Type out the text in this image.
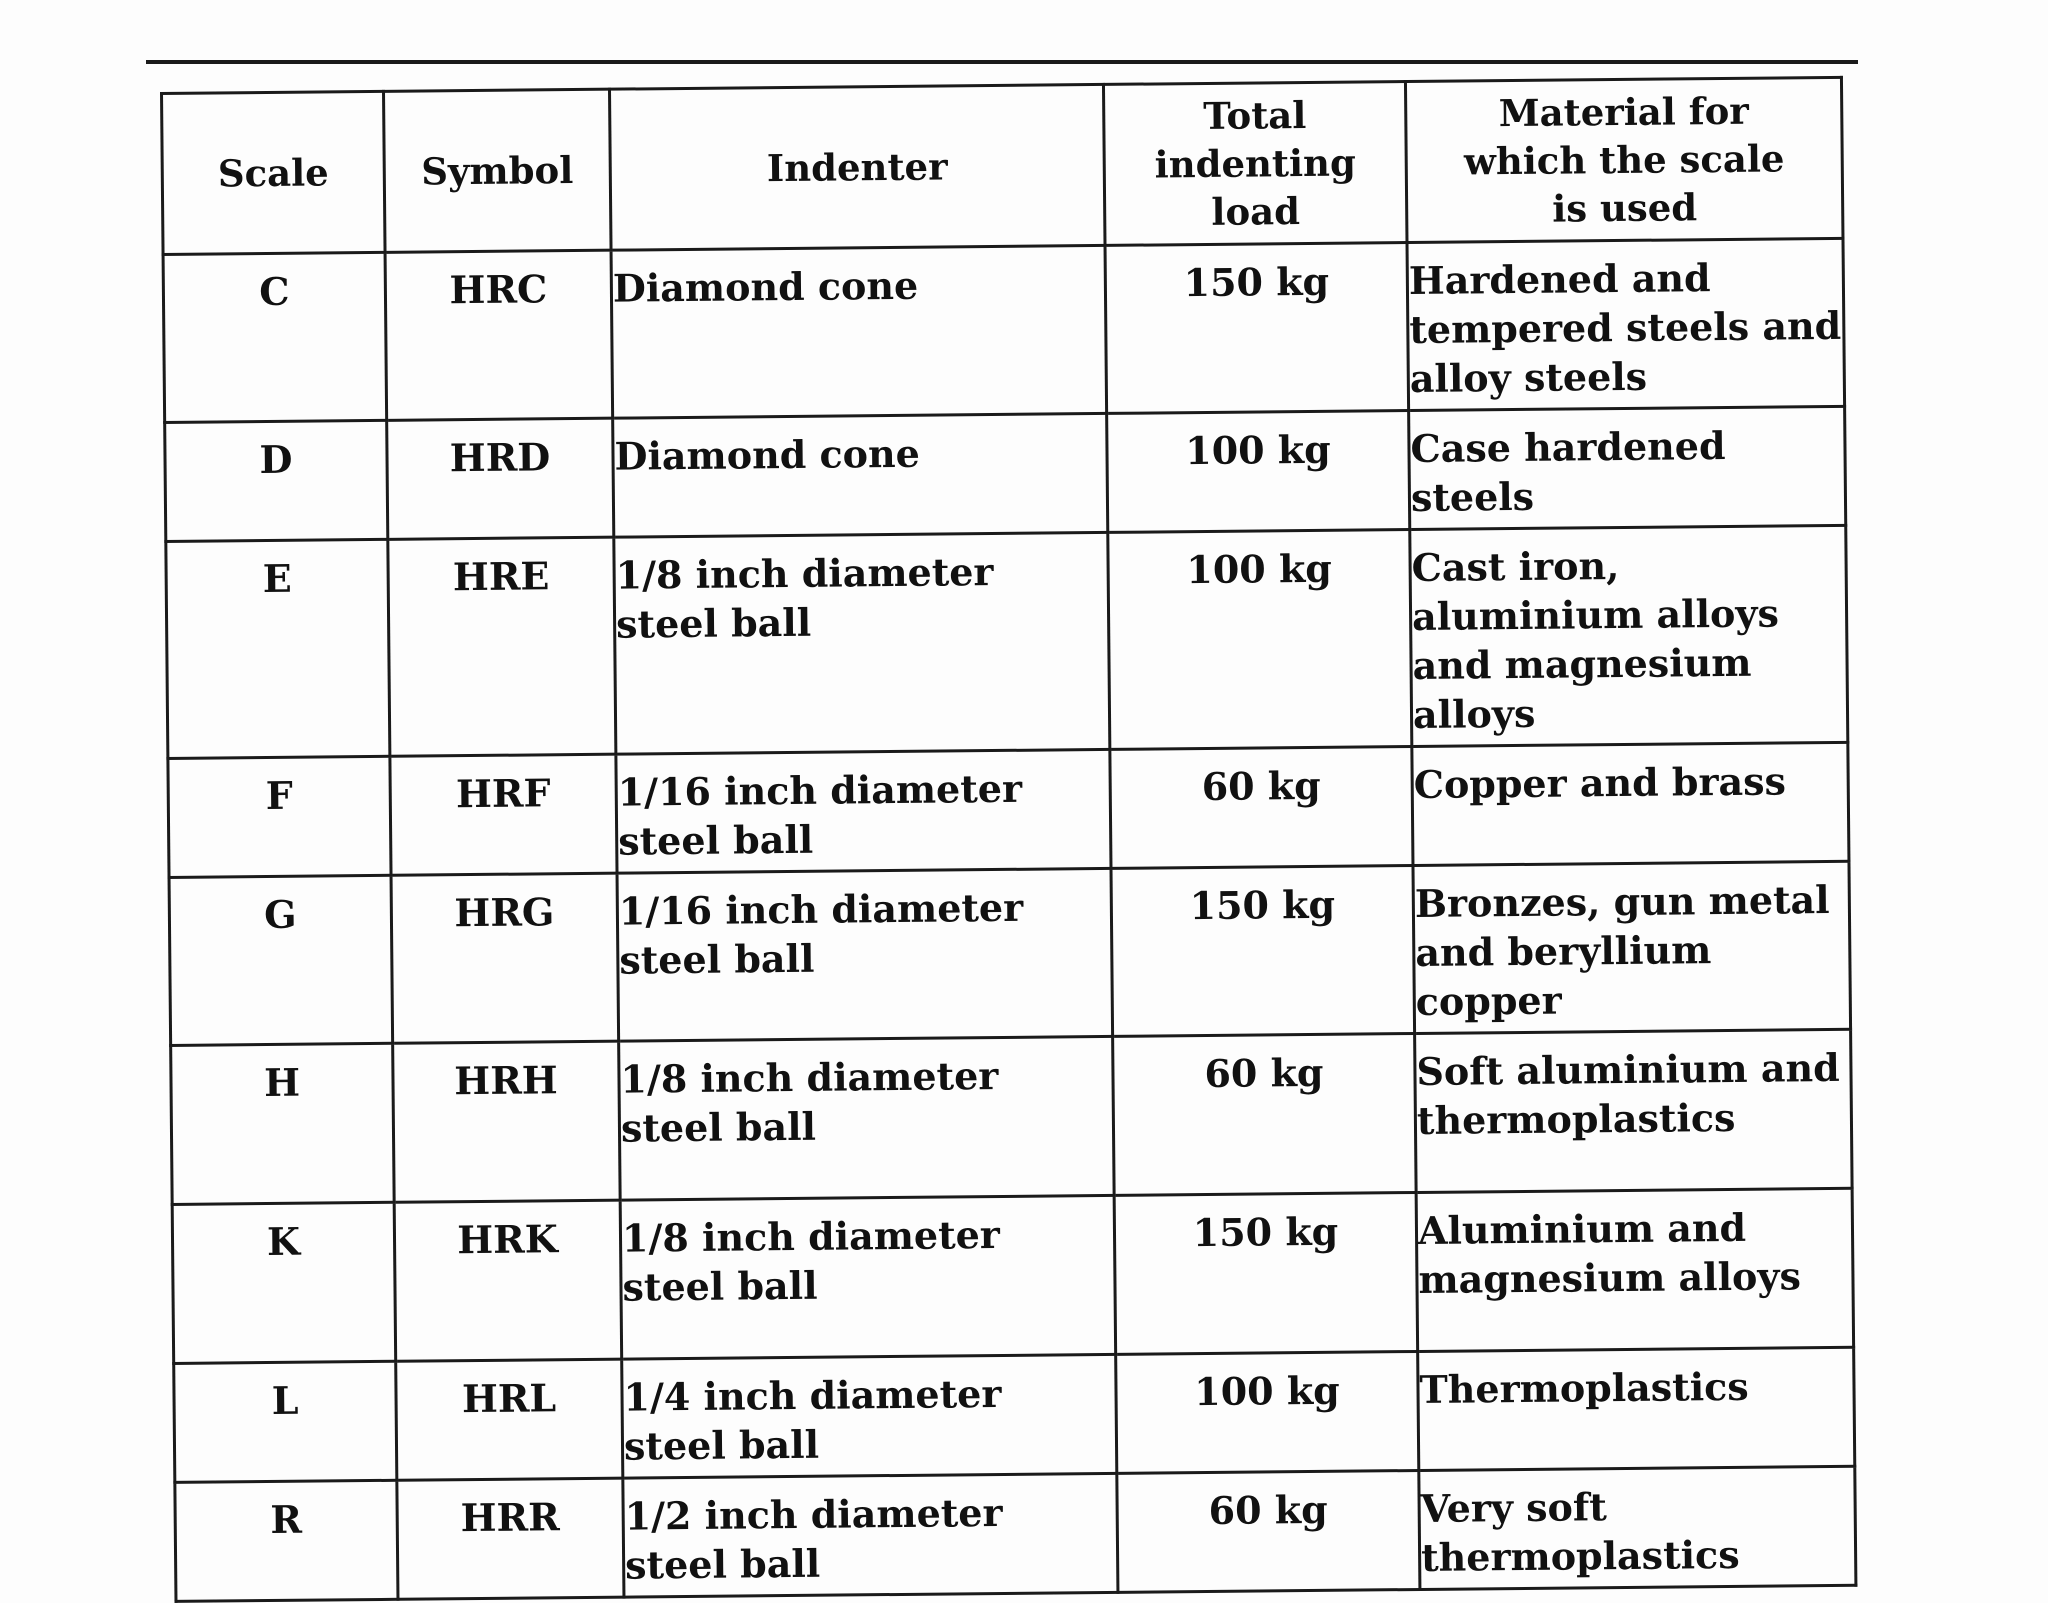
Scale	Symbol	Indenter	Total indenting load	Material for which the scale is used

C	HRC	Diamond cone	150 kg	Hardened and tempered steels and alloy steels

D	HRD	Diamond cone	100 kg	Case hardened steels

E	HRE	1/8 inch diameter steel ball	100 kg	Cast iron, aluminium alloys and magnesium alloys

F	HRF	1/16 inch diameter steel ball	60 kg	Copper and brass

G	HRG	1/16 inch diameter steel ball	150 kg	Bronzes, gun metal and beryllium copper

H	HRH	1/8 inch diameter steel ball	60 kg	Soft aluminium and thermoplastics

K	HRK	1/8 inch diameter steel ball	150 kg	Aluminium and magnesium alloys

L	HRL	1/4 inch diameter steel ball	100 kg	Thermoplastics

R	HRR	1/2 inch diameter steel ball	60 kg	Very soft thermoplastics
